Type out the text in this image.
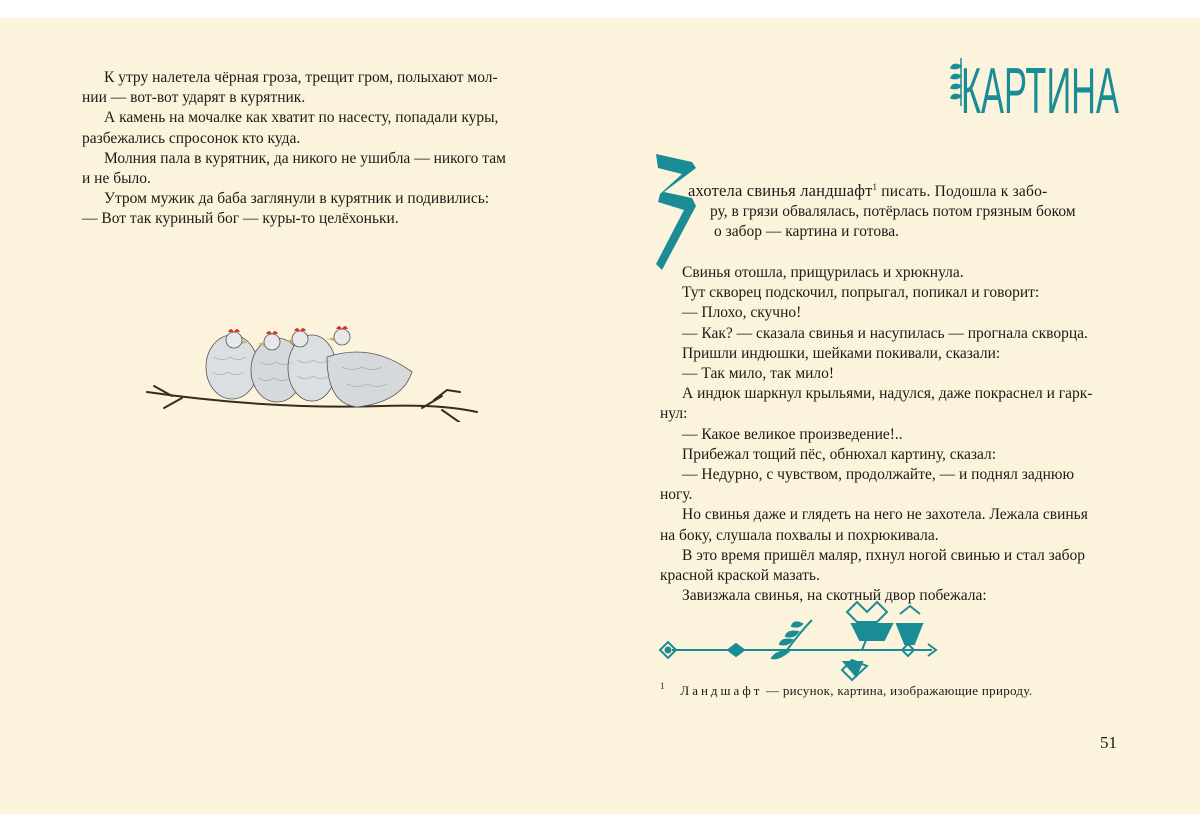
К утру налетела чёрная гроза, трещит гром, полыхают мол-
нии — вот-вот ударят в курятник.

А камень на мочалке как хватит по насесту, попадали куры,
разбежались спросонок кто куда.

Молния пала в курятник, да никого не ушибла — никого там
и не было.

Утром мужик да баба заглянули в курятник и подивились:
— Вот так куриный бог — куры-то целёхоньки.

КАРТИНА
ахотела свинья ландшафт$^1$ писать. Подошла к забо-

ру, в грязи обвалялась, потёрлась потом грязным боком

о забор — картина и готова.

Свинья отошла, прищурилась и хрюкнула.

Тут скворец подскочил, попрыгал, попикал и говорит:

— Плохо, скучно!

— Как? — сказала свинья и насупилась — прогнала скворца.

Пришли индюшки, шейками покивали, сказали:

— Так мило, так мило!

А индюк шаркнул крыльями, надулся, даже покраснел и гарк-
нул:

— Какое великое произведение!..

Прибежал тощий пёс, обнюхал картину, сказал:

— Недурно, с чувством, продолжайте, — и поднял заднюю
ногу.

Но свинья даже и глядеть на него не захотела. Лежала свинья
на боку, слушала похвалы и похрюкивала.

В это время пришёл маляр, пхнул ногой свинью и стал забор
красной краской мазать.

Завизжала свинья, на скотный двор побежала:

$^1$ Ландшафт — рисунок, картина, изображающие природу.
51
